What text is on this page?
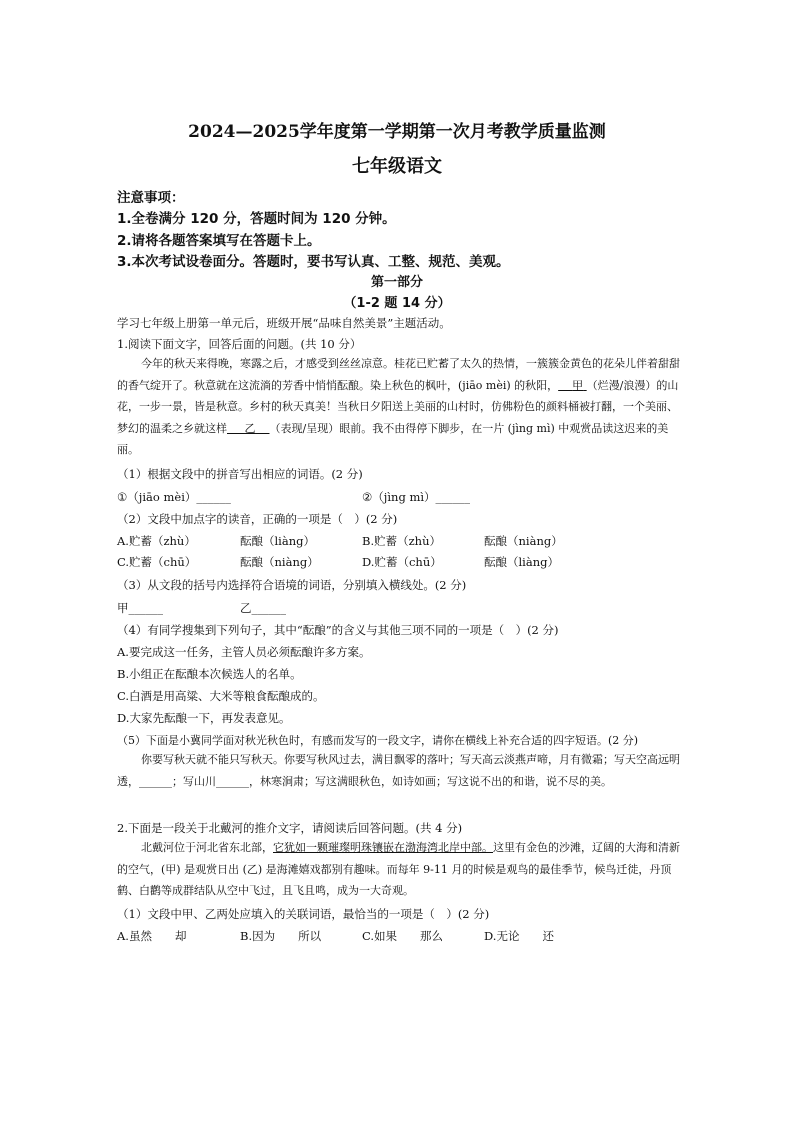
2024—2025学年度第一学期第一次月考教学质量监测
七年级语文
注意事项：
1.全卷满分 120 分，答题时间为 120 分钟。
2.请将各题答案填写在答题卡上。
3.本次考试设卷面分。答题时，要书写认真、工整、规范、美观。
第一部分
（1-2 题 14 分）
学习七年级上册第一单元后，班级开展“品味自然美景”主题活动。
1.阅读下面文字，回答后面的问题。(共 10 分）
今年的秋天来得晚，寒露之后，才感受到丝丝凉意。桂花已贮蓄了太久的热情，一簇簇金黄色的花朵儿伴着甜甜的香气绽开了。秋意就在这流淌的芳香中悄悄酝酿。染上秋色的枫叶，(jiāo mèi) 的秋阳， 甲 （烂漫/浪漫）的山花，一步一景，皆是秋意。乡村的秋天真美！当秋日夕阳送上美丽的山村时，仿佛粉色的颜料桶被打翻，一个美丽、梦幻的温柔之乡就这样 乙 （表现/呈现）眼前。我不由得停下脚步，在一片 (jìng mì) 中观赏品读这迟来的美丽。
（1）根据文段中的拼音写出相应的词语。(2 分)
①（jiāo mèi）______	②（jìng mì）______
（2）文段中加点字的读音，正确的一项是（　）(2 分)
A.贮蓄（zhù）	酝酿（liàng）	B.贮蓄（zhù）	酝酿（niàng）
C.贮蓄（chū）	酝酿（niàng）	D.贮蓄（chū）	酝酿（liàng）
（3）从文段的括号内选择符合语境的词语，分别填入横线处。(2 分)
甲______	乙______
（4）有同学搜集到下列句子，其中“酝酿”的含义与其他三项不同的一项是（　）(2 分)
A.要完成这一任务，主管人员必须酝酿许多方案。
B.小组正在酝酿本次候选人的名单。
C.白酒是用高粱、大米等粮食酝酿成的。
D.大家先酝酿一下，再发表意见。
（5）下面是小冀同学面对秋光秋色时，有感而发写的一段文字，请你在横线上补充合适的四字短语。(2 分)
你要写秋天就不能只写秋天。你要写秋风过去，满目飘零的落叶；写天高云淡燕声啼，月有微霜；写天空高远明透，______；写山川______，林寒涧肃；写这满眼秋色，如诗如画；写这说不出的和谐，说不尽的美。
2.下面是一段关于北戴河的推介文字，请阅读后回答问题。(共 4 分)
北戴河位于河北省东北部，它犹如一颗璀璨明珠镶嵌在渤海湾北岸中部。这里有金色的沙滩，辽阔的大海和清新的空气，(甲) 是观赏日出 (乙) 是海滩嬉戏都别有趣味。而每年 9-11 月的时候是观鸟的最佳季节，候鸟迁徙，丹顶鹤、白鹳等成群结队从空中飞过，且飞且鸣，成为一大奇观。
（1）文段中甲、乙两处应填入的关联词语，最恰当的一项是（　）(2 分)
A.虽然　　却	B.因为　　所以	C.如果　　那么	D.无论　　还
